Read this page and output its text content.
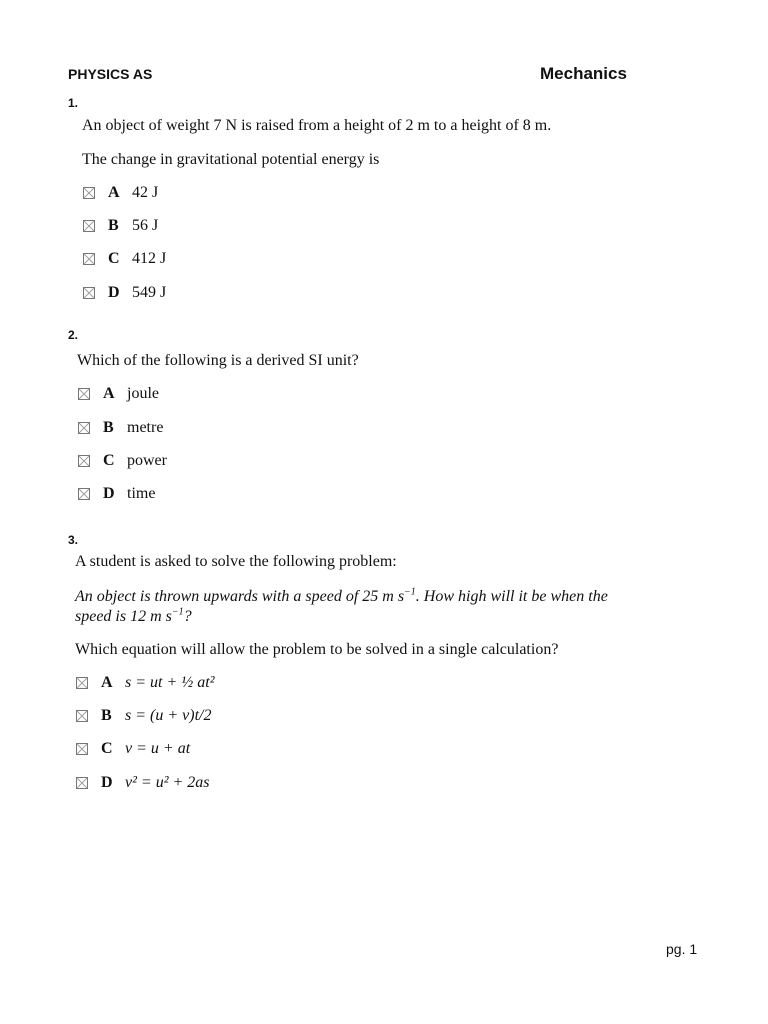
PHYSICS AS	Mechanics
1.
An object of weight 7 N is raised from a height of 2 m to a height of 8 m.
The change in gravitational potential energy is
A 42 J
B 56 J
C 412 J
D 549 J
2.
Which of the following is a derived SI unit?
A joule
B metre
C power
D time
3.
A student is asked to solve the following problem:
An object is thrown upwards with a speed of 25 m $s^{-1}$. How high will it be when the speed is 12 m $s^{-1}$?
Which equation will allow the problem to be solved in a single calculation?
A s = ut + ½ at²
B s = (u + v)t/2
C v = u + at
D v² = u² + 2as
pg. 1
